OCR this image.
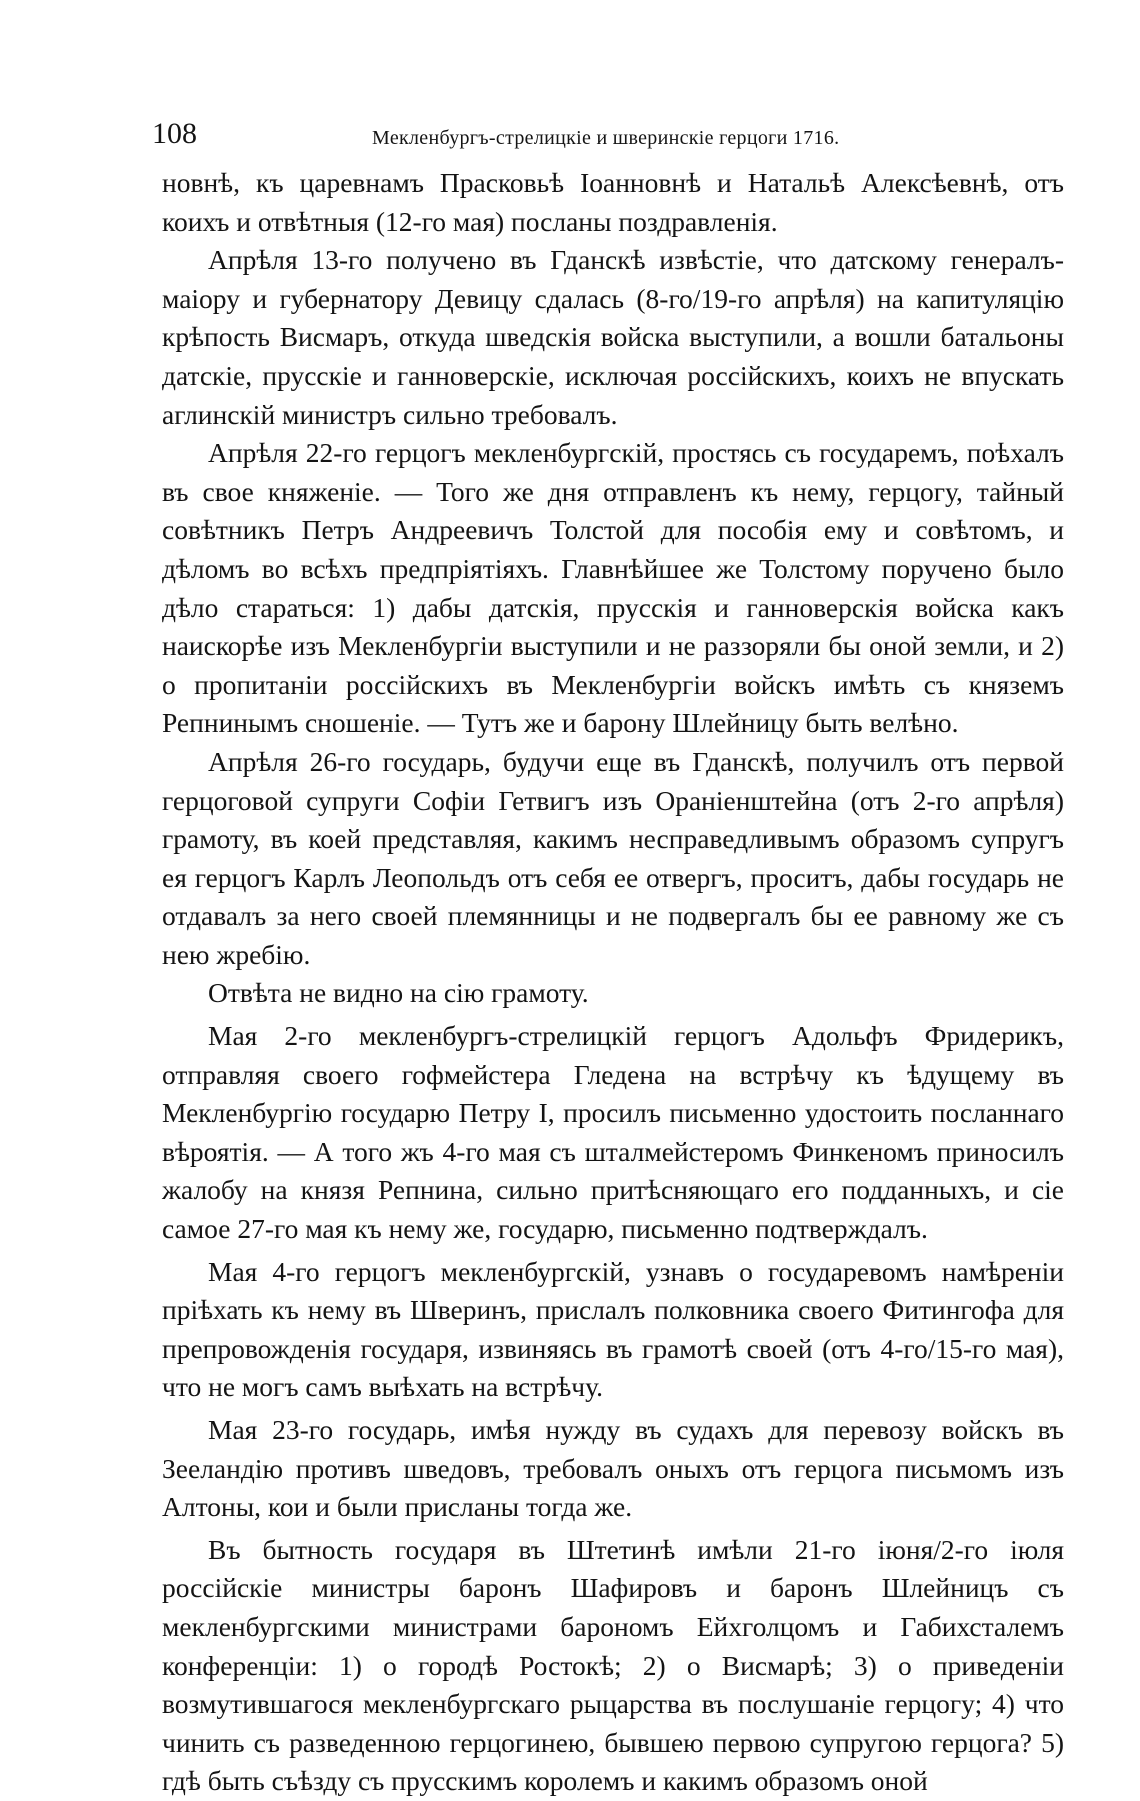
108	Мекленбургъ-стрелицкіе и шверинскіе герцоги 1716.

новнѣ, къ царевнамъ Прасковьѣ Іоанновнѣ и Натальѣ Алексѣевнѣ, отъ коихъ и отвѣтныя (12-го мая) посланы поздравленія.

Апрѣля 13-го получено въ Гданскѣ извѣстіе, что датскому генералъ-маіору и губернатору Девицу сдалась (8-го/19-го апрѣля) на капитуляцію крѣпость Висмаръ, откуда шведскія войска выступили, а вошли батальоны датскіе, прусскіе и ганноверскіе, исключая россійскихъ, коихъ не впускать аглинскій министръ сильно требовалъ.

Апрѣля 22-го герцогъ мекленбургскій, простясь съ государемъ, поѣхалъ въ свое княженіе. — Того же дня отправленъ къ нему, герцогу, тайный совѣтникъ Петръ Андреевичъ Толстой для пособія ему и совѣтомъ, и дѣломъ во всѣхъ предпріятіяхъ. Главнѣйшее же Толстому поручено было дѣло стараться: 1) дабы датскія, прусскія и ганноверскія войска какъ наискорѣе изъ Мекленбургіи выступили и не раззоряли бы оной земли, и 2) о пропитаніи россійскихъ въ Мекленбургіи войскъ имѣть съ княземъ Репнинымъ сношеніе. — Тутъ же и барону Шлейницу быть велѣно.

Апрѣля 26-го государь, будучи еще въ Гданскѣ, получилъ отъ первой герцоговой супруги Софіи Гетвигъ изъ Ораніенштейна (отъ 2-го апрѣля) грамоту, въ коей представляя, какимъ несправедливымъ образомъ супругъ ея герцогъ Карлъ Леопольдъ отъ себя ее отвергъ, проситъ, дабы государь не отдавалъ за него своей племянницы и не подвергалъ бы ее равному же съ нею жребію.

Отвѣта не видно на сію грамоту.

Мая 2-го мекленбургъ-стрелицкій герцогъ Адольфъ Фридерикъ, отправляя своего гофмейстера Гледена на встрѣчу къ ѣдущему въ Мекленбургію государю Петру I, просилъ письменно удостоить посланнаго вѣроятія. — А того жъ 4-го мая съ шталмейстеромъ Финкеномъ приносилъ жалобу на князя Репнина, сильно притѣсняющаго его подданныхъ, и сіе самое 27-го мая къ нему же, государю, письменно подтверждалъ.

Мая 4-го герцогъ мекленбургскій, узнавъ о государевомъ намѣреніи пріѣхать къ нему въ Шверинъ, прислалъ полковника своего Фитингофа для препровожденія государя, извиняясь въ грамотѣ своей (отъ 4-го/15-го мая), что не могъ самъ выѣхать на встрѣчу.

Мая 23-го государь, имѣя нужду въ судахъ для перевозу войскъ въ Зееландію противъ шведовъ, требовалъ оныхъ отъ герцога письмомъ изъ Алтоны, кои и были присланы тогда же.

Въ бытность государя въ Штетинѣ имѣли 21-го іюня/2-го іюля россійскіе министры баронъ Шафировъ и баронъ Шлейницъ съ мекленбургскими министрами барономъ Ейхголцомъ и Габихсталемъ конференціи: 1) о городѣ Ростокѣ; 2) о Висмарѣ; 3) о приведеніи возмутившагося мекленбургскаго рыцарства въ послушаніе герцогу; 4) что чинить съ разведенною герцогинею, бывшею первою супругою герцога? 5) гдѣ быть съѣзду съ прусскимъ королемъ и какимъ образомъ оной
